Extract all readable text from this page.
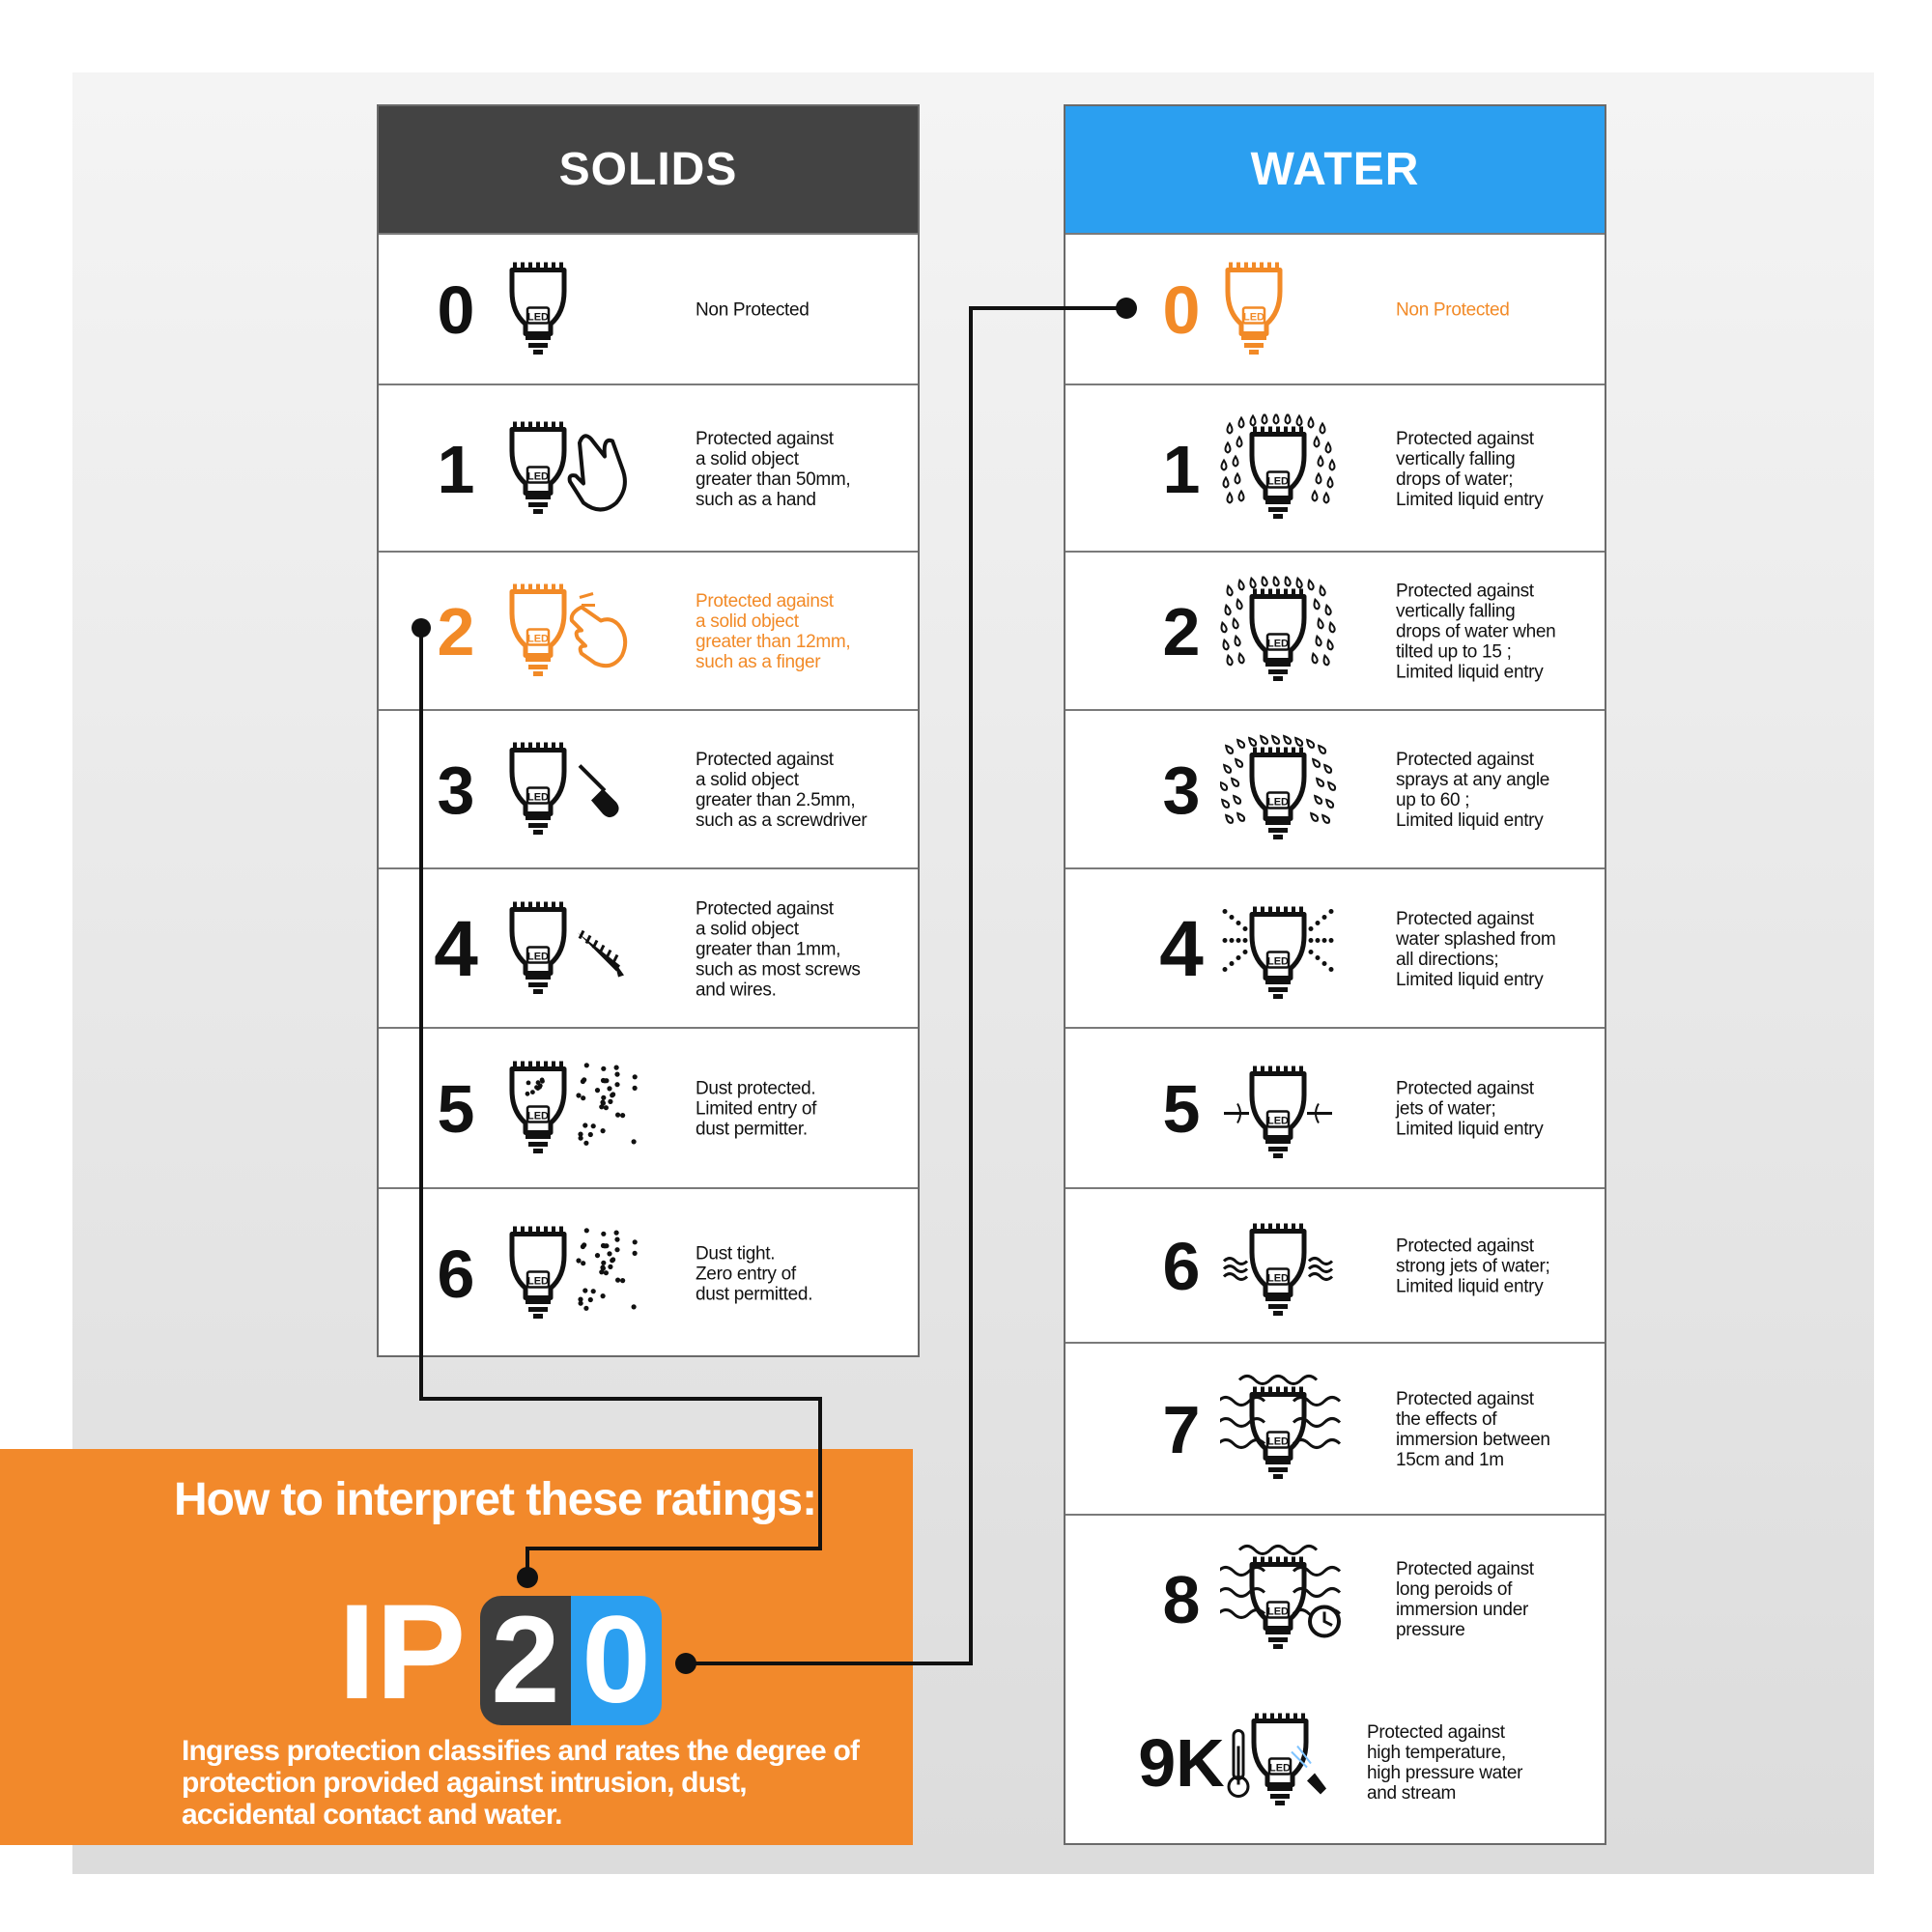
SOLIDS
0	LED	Non Protected
1	LED
Protected against
a solid object
greater than 50mm,
such as a hand
2	LED
Protected against
a solid object
greater than 12mm,
such as a finger
3	LED
Protected against
a solid object
greater than 2.5mm,
such as a screwdriver
4	LED
Protected against
a solid object
greater than 1mm,
such as most screws
and wires.
5	LED
Dust protected.
Limited entry of
dust permitter.
6	LED
Dust tight.
Zero entry of
dust permitted.
WATER
0	LED	Non Protected
1	LED
Protected against
vertically falling
drops of water;
Limited liquid entry
2	LED
Protected against
vertically falling
drops of water when
tilted up to 15 ;
Limited liquid entry
3	LED
Protected against
sprays at any angle
up to 60 ;
Limited liquid entry
4	LED
Protected against
water splashed from
all directions;
Limited liquid entry
5	LED
Protected against
jets of water;
Limited liquid entry
6	LED
Protected against
strong jets of water;
Limited liquid entry
7	LED
Protected against
the effects of
immersion between
15cm and 1m
8	LED
Protected against
long peroids of
immersion under
pressure
9K	LED
Protected against
high temperature,
high pressure water
and stream
How to interpret these ratings:
IP 2 0
Ingress protection classifies and rates the degree of protection provided against intrusion, dust, accidental contact and water.
